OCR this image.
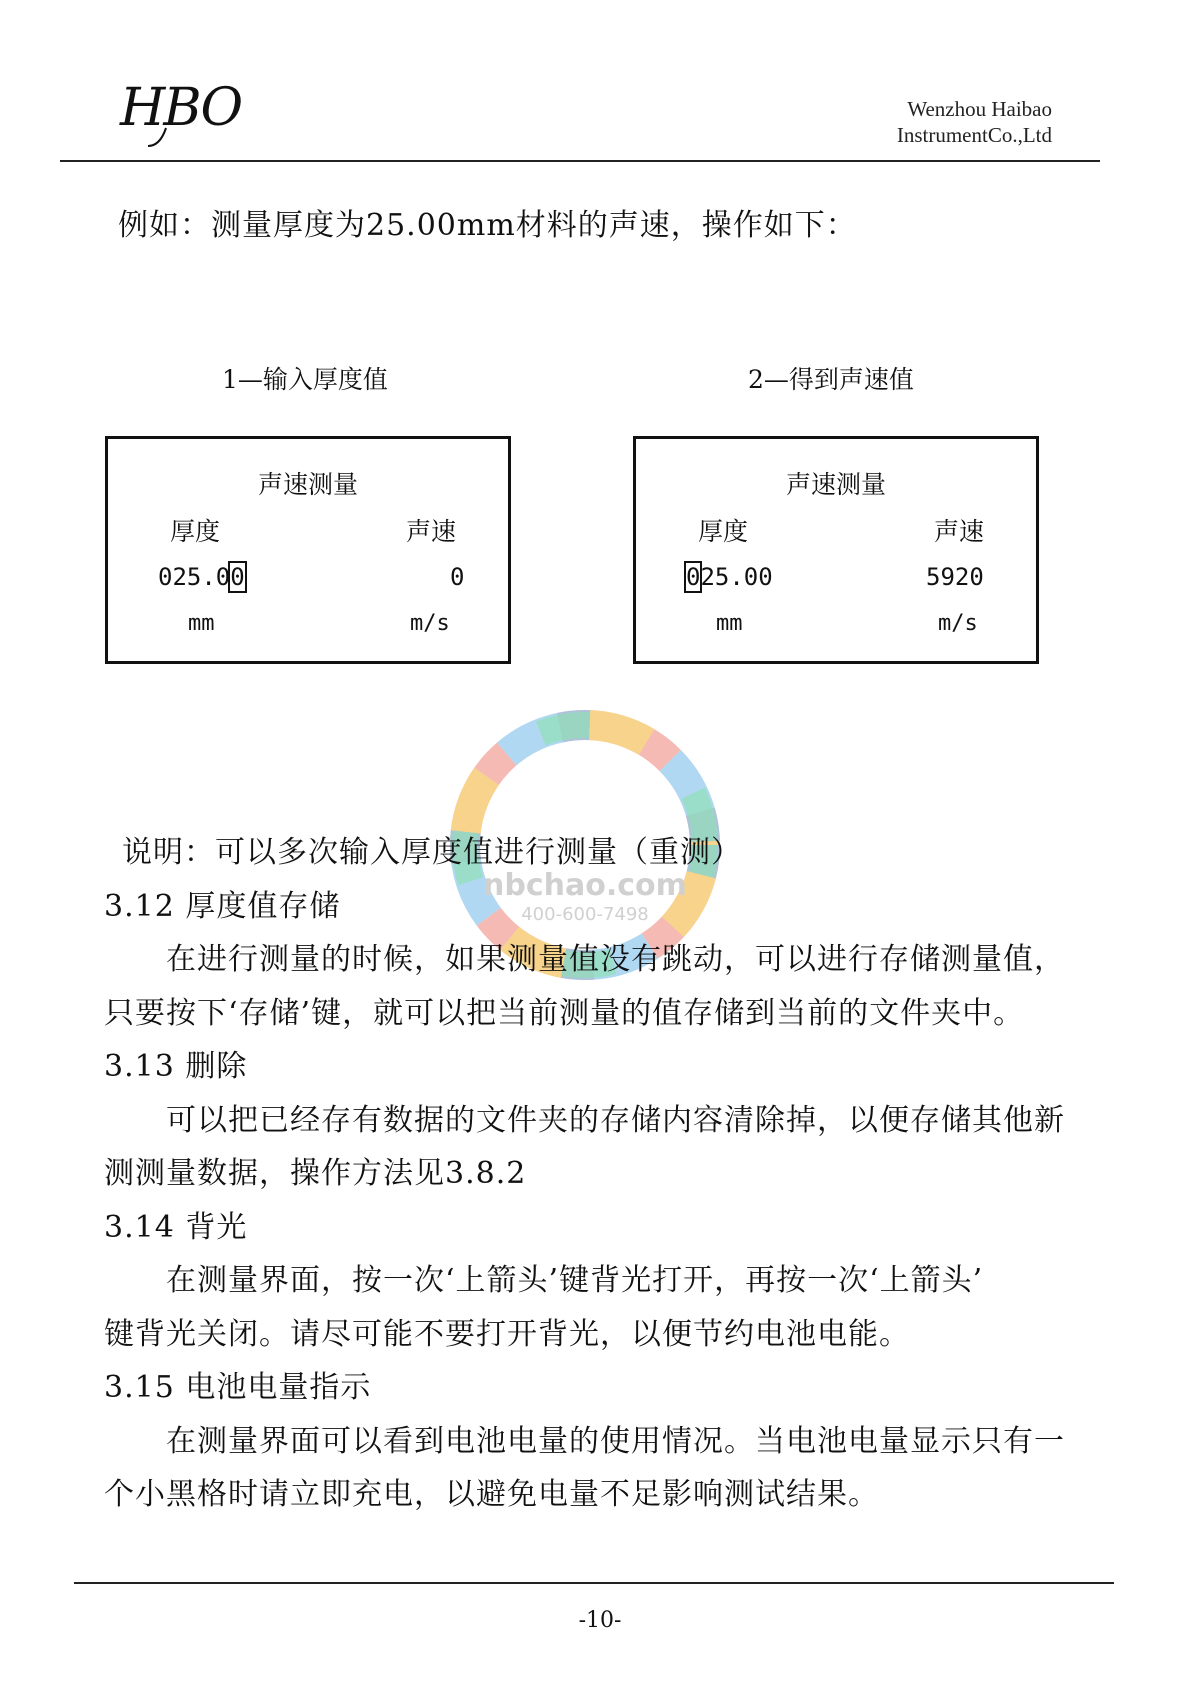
HBO	Wenzhou Haibao
InstrumentCo.,Ltd
例如：测量厚度为25.00mm材料的声速，操作如下：
1—输入厚度值	2—得到声速值
声速测量
厚度	声速
025.00	0
mm	m/s
声速测量
厚度	声速
025.00	5920
mm	m/s
nbchao.com
400-600-7498

说明：可以多次输入厚度值进行测量（重测）

3.12 厚度值存储

在进行测量的时候，如果测量值没有跳动，可以进行存储测量值，

只要按下‘存储’键，就可以把当前测量的值存储到当前的文件夹中。

3.13 删除

可以把已经存有数据的文件夹的存储内容清除掉，以便存储其他新

测测量数据，操作方法见3.8.2

3.14 背光

在测量界面，按一次‘上箭头’键背光打开，再按一次‘上箭头’

键背光关闭。请尽可能不要打开背光，以便节约电池电能。

3.15 电池电量指示

在测量界面可以看到电池电量的使用情况。当电池电量显示只有一

个小黑格时请立即充电，以避免电量不足影响测试结果。

-10-
